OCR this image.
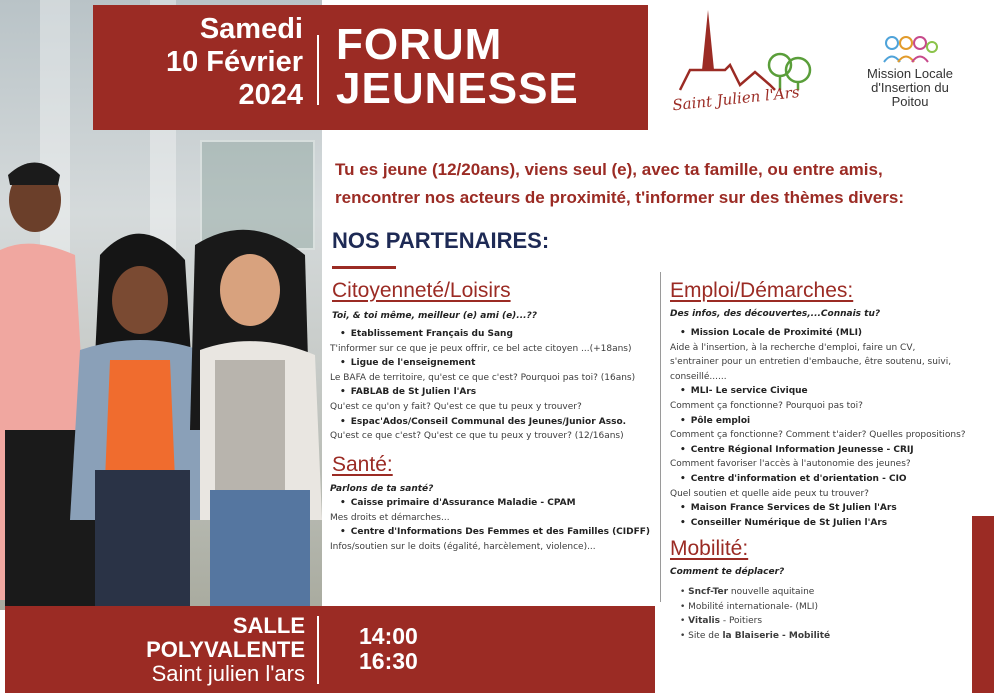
Samedi
10 Février
2024
FORUM
JEUNESSE	Saint Julien l'Ars
Mission Locale
d'Insertion du Poitou
Tu es jeune (12/20ans), viens seul (e), avec ta famille, ou entre amis,
rencontrer nos acteurs de proximité, t'informer sur des thèmes divers:
NOS PARTENAIRES:
Citoyenneté/Loisirs
Toi, & toi même, meilleur (e) ami (e)...??
• Etablissement Français du Sang
T'informer sur ce que je peux offrir, ce bel acte citoyen ...(+18ans)
• Ligue de l'enseignement
Le BAFA de territoire, qu'est ce que c'est? Pourquoi pas toi? (16ans)
• FABLAB de St Julien l'Ars
Qu'est ce qu'on y fait? Qu'est ce que tu peux y trouver?
• Espac'Ados/Conseil Communal des Jeunes/Junior Asso.
Qu'est ce que c'est? Qu'est ce que tu peux y trouver? (12/16ans)
Santé:
Parlons de ta santé?
• Caisse primaire d'Assurance Maladie - CPAM
Mes droits et démarches...
• Centre d'Informations Des Femmes et des Familles (CIDFF)
Infos/soutien sur le doits (égalité, harcèlement, violence)...
Emploi/Démarches:
Des infos, des découvertes,...Connais tu?
• Mission Locale de Proximité (MLI)
Aide à l'insertion, à la recherche d'emploi, faire un CV,
s'entrainer pour un entretien d'embauche, être soutenu, suivi,
conseillé......
• MLI- Le service Civique
Comment ça fonctionne? Pourquoi pas toi?
• Pôle emploi
Comment ça fonctionne? Comment t'aider? Quelles propositions?
• Centre Régional Information Jeunesse - CRIJ
Comment favoriser l'accès à l'autonomie des jeunes?
• Centre d'information et d'orientation - CIO
Quel soutien et quelle aide peux tu trouver?
• Maison France Services de St Julien l'Ars
• Conseiller Numérique de St Julien l'Ars
Mobilité:
Comment te déplacer?
• Sncf-Ter nouvelle aquitaine
• Mobilité internationale- (MLI)
• Vitalis - Poitiers
• Site de la Blaiserie - Mobilité
SALLE
POLYVALENTE
Saint julien l'ars
14:00
16:30
